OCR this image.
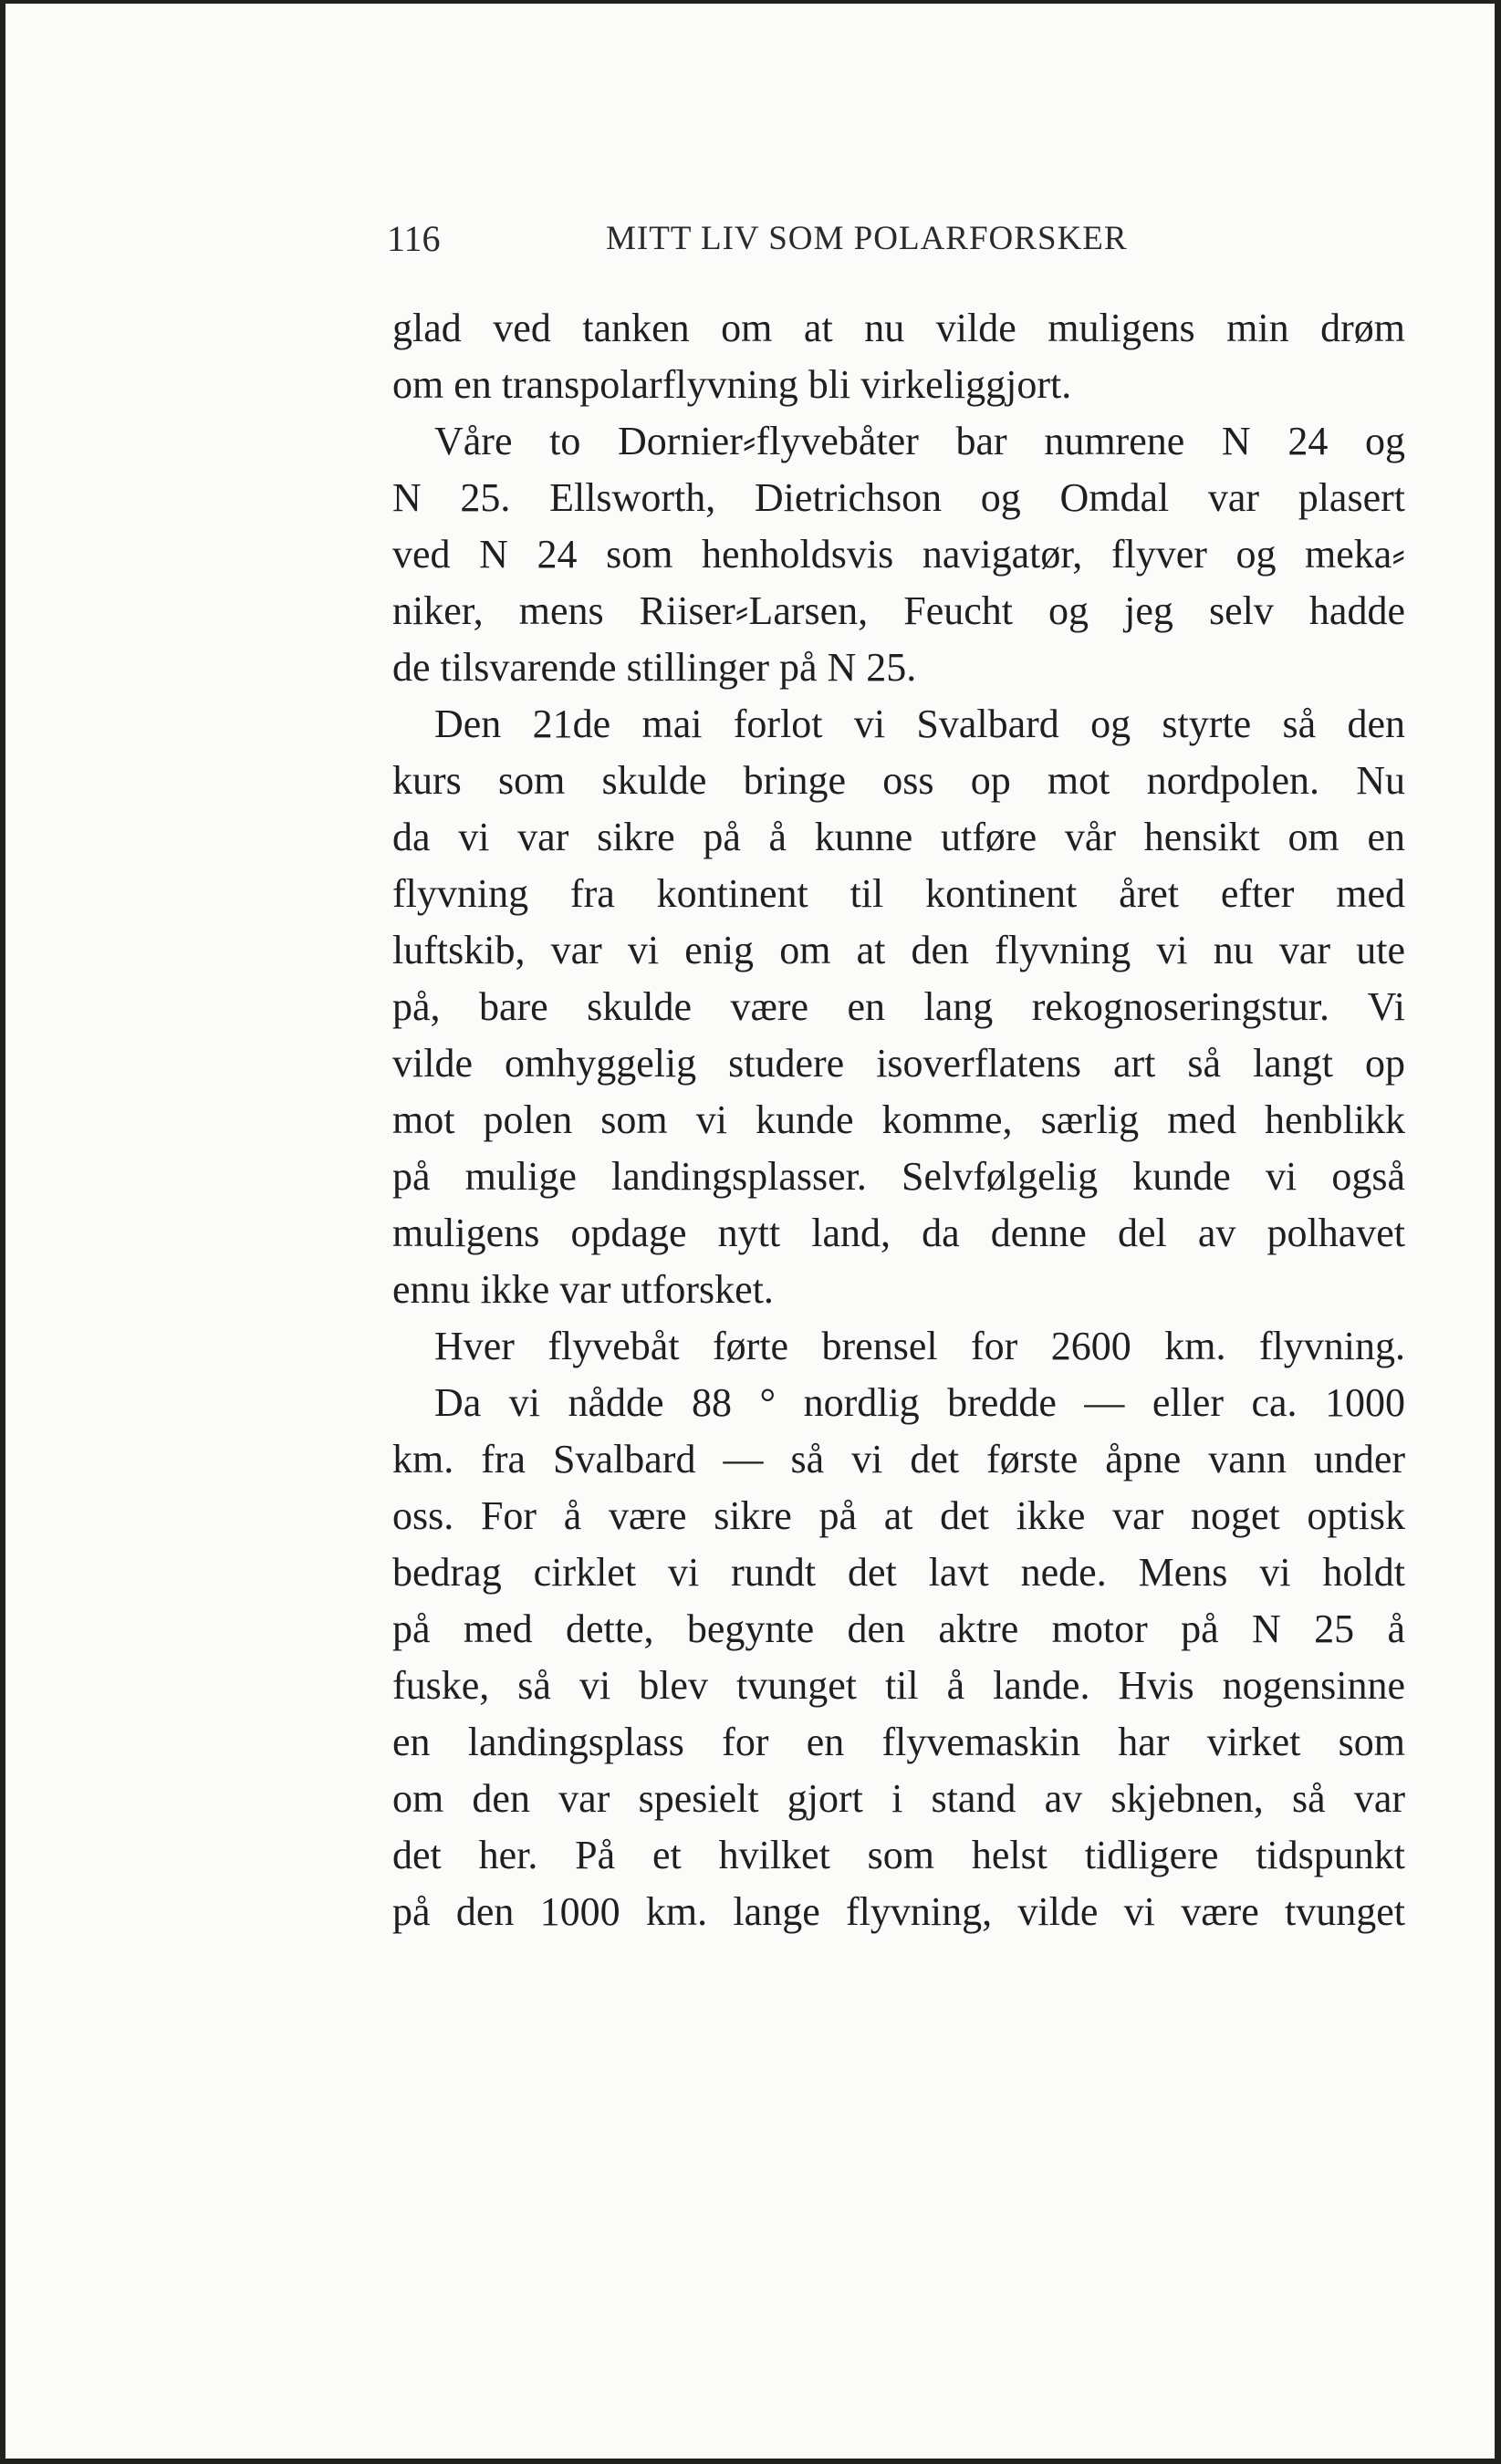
116	MITT LIV SOM POLARFORSKER
glad ved tanken om at nu vilde muligens min drøm
om en transpolarflyvning bli virkeliggjort.
Våre to Dornier⸗flyvebåter bar numrene N 24 og
N 25. Ellsworth, Dietrichson og Omdal var plasert
ved N 24 som henholdsvis navigatør, flyver og meka⸗
niker, mens Riiser⸗Larsen, Feucht og jeg selv hadde
de tilsvarende stillinger på N 25.
Den 21de mai forlot vi Svalbard og styrte så den
kurs som skulde bringe oss op mot nordpolen. Nu
da vi var sikre på å kunne utføre vår hensikt om en
flyvning fra kontinent til kontinent året efter med
luftskib, var vi enig om at den flyvning vi nu var ute
på, bare skulde være en lang rekognoseringstur. Vi
vilde omhyggelig studere isoverflatens art så langt op
mot polen som vi kunde komme, særlig med henblikk
på mulige landingsplasser. Selvfølgelig kunde vi også
muligens opdage nytt land, da denne del av polhavet
ennu ikke var utforsket.
Hver flyvebåt førte brensel for 2600 km. flyvning.
Da vi nådde 88 ° nordlig bredde — eller ca. 1000
km. fra Svalbard — så vi det første åpne vann under
oss. For å være sikre på at det ikke var noget optisk
bedrag cirklet vi rundt det lavt nede. Mens vi holdt
på med dette, begynte den aktre motor på N 25 å
fuske, så vi blev tvunget til å lande. Hvis nogensinne
en landingsplass for en flyvemaskin har virket som
om den var spesielt gjort i stand av skjebnen, så var
det her. På et hvilket som helst tidligere tidspunkt
på den 1000 km. lange flyvning, vilde vi være tvunget
